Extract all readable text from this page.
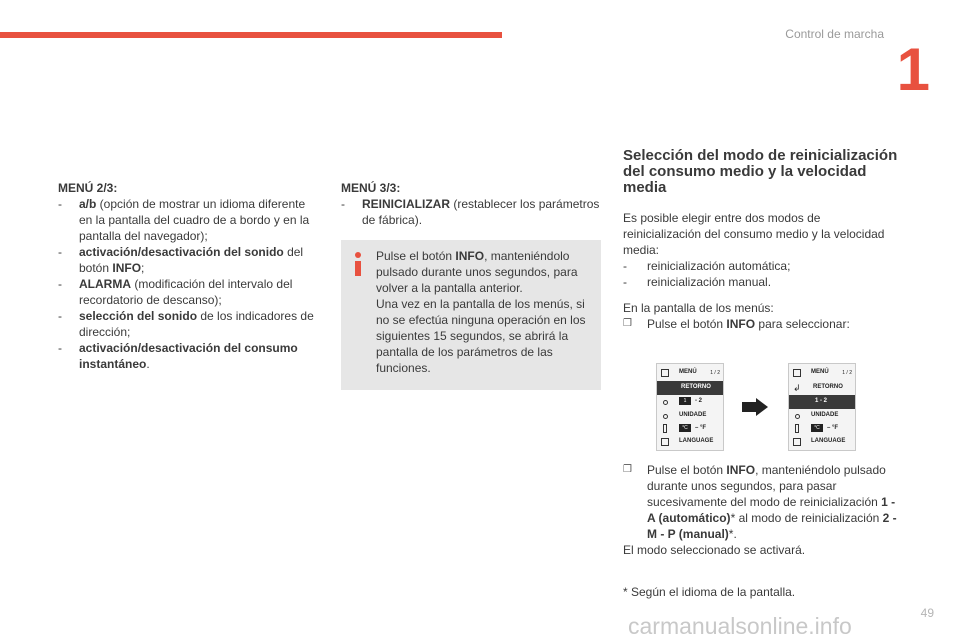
Control de marcha
1
MENÚ 2/3:
- a/b (opción de mostrar un idioma diferente en la pantalla del cuadro de a bordo y en la pantalla del navegador);
- activación/desactivación del sonido del botón INFO;
- ALARMA (modificación del intervalo del recordatorio de descanso);
- selección del sonido de los indicadores de dirección;
- activación/desactivación del consumo instantáneo.
MENÚ 3/3:
- REINICIALIZAR (restablecer los parámetros de fábrica).
Pulse el botón INFO, manteniéndolo pulsado durante unos segundos, para volver a la pantalla anterior.
Una vez en la pantalla de los menús, si no se efectúa ninguna operación en los siguientes 15 segundos, se abrirá la pantalla de los parámetros de las funciones.
Selección del modo de reinicialización del consumo medio y la velocidad media
Es posible elegir entre dos modos de reinicialización del consumo medio y la velocidad media:
- reinicialización automática;
- reinicialización manual.
En la pantalla de los menús:
❒ Pulse el botón INFO para seleccionar:
MENÚ	1 / 2
RETORNO
1	- 2
UNIDADE
°C	– °F
LANGUAGE
MENÚ	1 / 2
↲ RETORNO
1 - 2
UNIDADE
°C	– °F
LANGUAGE
❒ Pulse el botón INFO, manteniéndolo pulsado durante unos segundos, para pasar sucesivamente del modo de reinicialización 1 - A (automático)* al modo de reinicialización 2 - M - P (manual)*.
El modo seleccionado se activará.
* Según el idioma de la pantalla.
carmanualsonline.info	49
